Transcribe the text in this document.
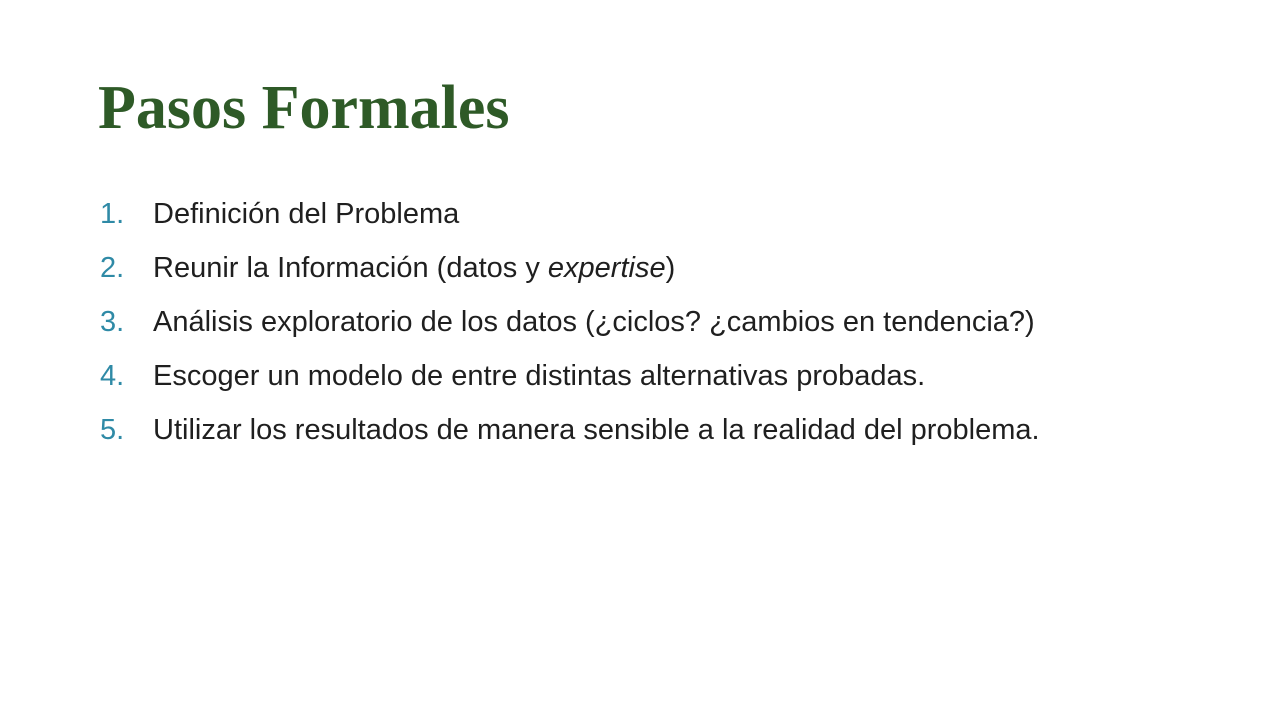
Pasos Formales
1. Definición del Problema
2. Reunir la Información (datos y expertise)
3. Análisis exploratorio de los datos (¿ciclos? ¿cambios en tendencia?)
4. Escoger un modelo de entre distintas alternativas probadas.
5. Utilizar los resultados de manera sensible a la realidad del problema.
